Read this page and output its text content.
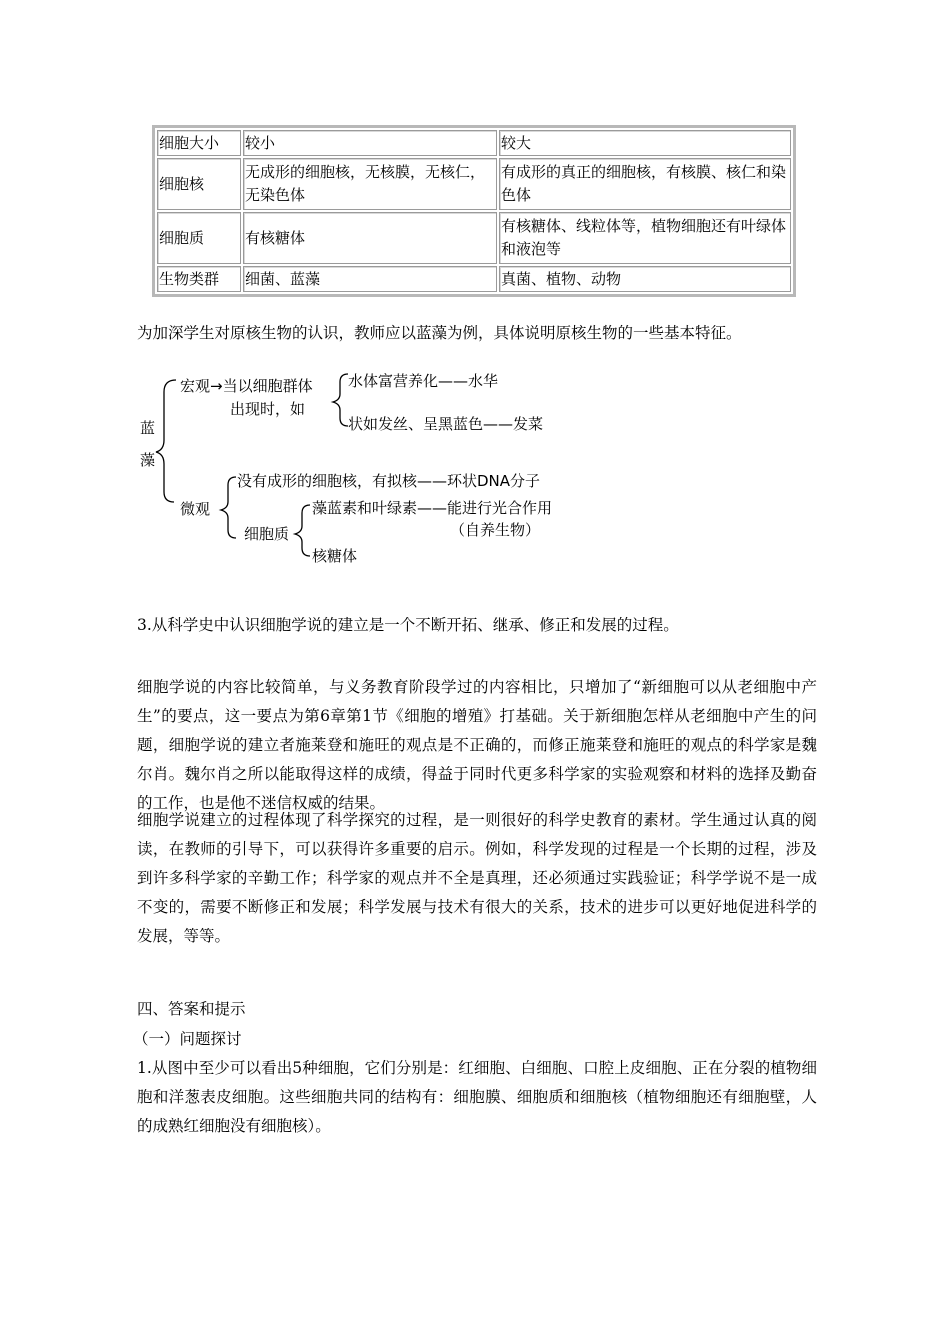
细胞大小	较小	较大
细胞核	无成形的细胞核，无核膜，无核仁，无染色体	有成形的真正的细胞核，有核膜、核仁和染色体
细胞质	有核糖体	有核糖体、线粒体等，植物细胞还有叶绿体和液泡等
生物类群	细菌、蓝藻	真菌、植物、动物
为加深学生对原核生物的认识，教师应以蓝藻为例，具体说明原核生物的一些基本特征。
蓝
藻
宏观→当以细胞群体
出现时，如
水体富营养化——水华
状如发丝、呈黑蓝色——发菜
微观
没有成形的细胞核，有拟核——环状DNA分子
细胞质
藻蓝素和叶绿素——能进行光合作用
（自养生物）
核糖体
3.从科学史中认识细胞学说的建立是一个不断开拓、继承、修正和发展的过程。
细胞学说的内容比较简单，与义务教育阶段学过的内容相比，只增加了“新细胞可以从老细胞中产生”的要点，这一要点为第6章第1节《细胞的增殖》打基础。关于新细胞怎样从老细胞中产生的问题，细胞学说的建立者施莱登和施旺的观点是不正确的，而修正施莱登和施旺的观点的科学家是魏尔肖。魏尔肖之所以能取得这样的成绩，得益于同时代更多科学家的实验观察和材料的选择及勤奋的工作，也是他不迷信权威的结果。
细胞学说建立的过程体现了科学探究的过程，是一则很好的科学史教育的素材。学生通过认真的阅读，在教师的引导下，可以获得许多重要的启示。例如，科学发现的过程是一个长期的过程，涉及到许多科学家的辛勤工作；科学家的观点并不全是真理，还必须通过实践验证；科学学说不是一成不变的，需要不断修正和发展；科学发展与技术有很大的关系，技术的进步可以更好地促进科学的发展，等等。
四、答案和提示
（一）问题探讨
1.从图中至少可以看出5种细胞，它们分别是：红细胞、白细胞、口腔上皮细胞、正在分裂的植物细胞和洋葱表皮细胞。这些细胞共同的结构有：细胞膜、细胞质和细胞核（植物细胞还有细胞壁，人的成熟红细胞没有细胞核）。
